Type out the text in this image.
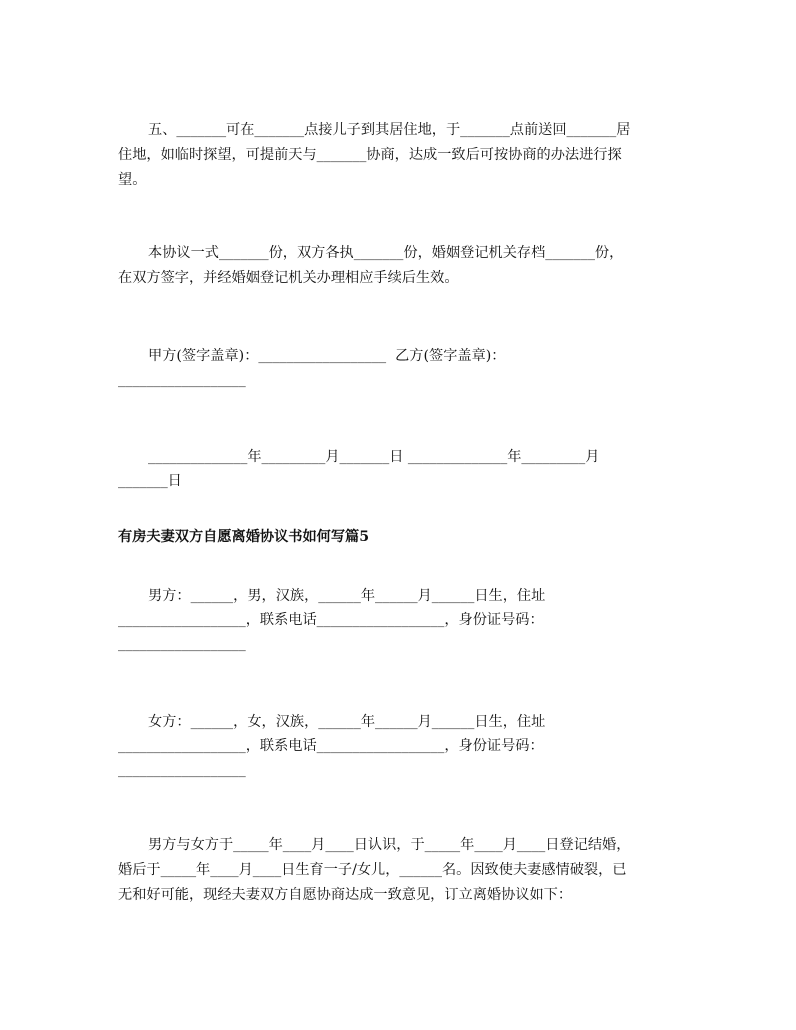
五、_______可在_______点接儿子到其居住地，于_______点前送回_______居

住地，如临时探望，可提前天与_______协商，达成一致后可按协商的办法进行探

望。

本协议一式_______份，双方各执_______份，婚姻登记机关存档_______份，

在双方签字，并经婚姻登记机关办理相应手续后生效。

甲方(签字盖章)：__________________  乙方(签字盖章)：

__________________

______________年_________月_______日 ______________年_________月

_______日

有房夫妻双方自愿离婚协议书如何写篇5

男方：______，男，汉族，______年______月______日生，住址

__________________，联系电话__________________，身份证号码：

__________________

女方：______，女，汉族，______年______月______日生，住址

__________________，联系电话__________________，身份证号码：

__________________

男方与女方于_____年____月____日认识，于_____年____月____日登记结婚，

婚后于_____年____月____日生育一子/女儿，______名。因致使夫妻感情破裂，已

无和好可能，现经夫妻双方自愿协商达成一致意见，订立离婚协议如下：
